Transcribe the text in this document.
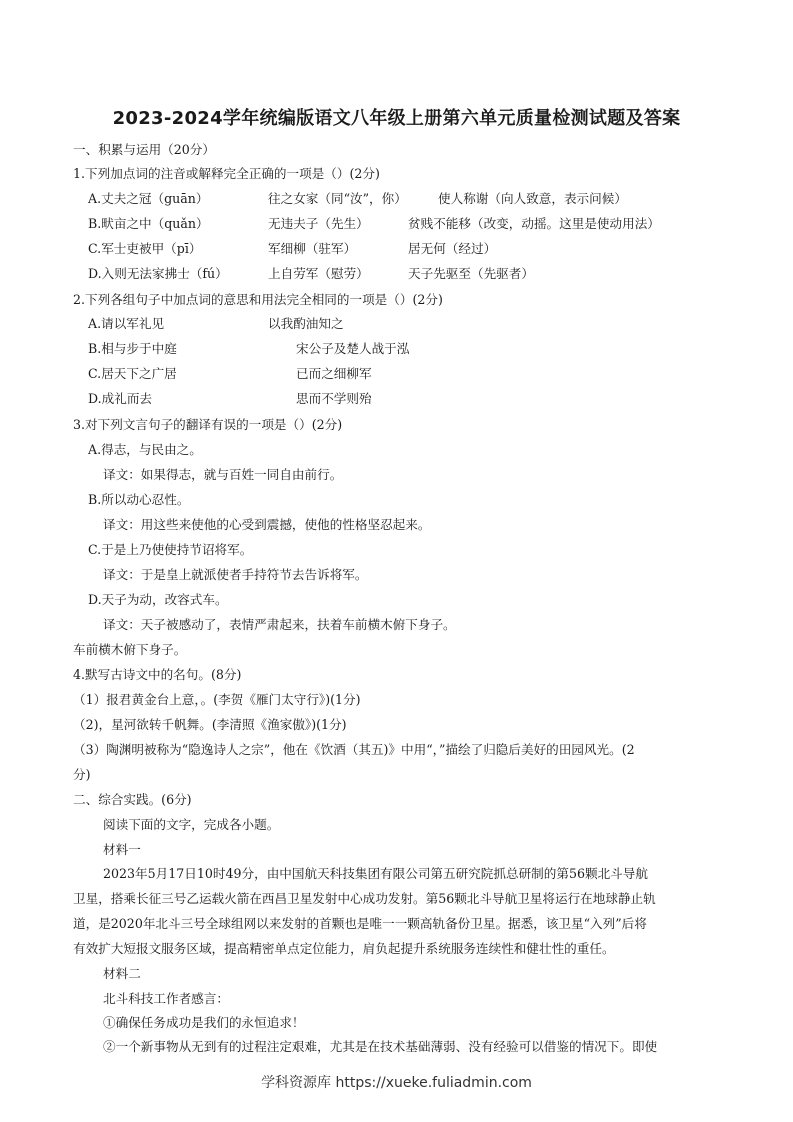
2023-2024学年统编版语文八年级上册第六单元质量检测试题及答案
一、积累与运用（20分）
1.下列加点词的注音或解释完全正确的一项是（）(2分)
A.丈夫之冠（guān）	往之女家（同“汝”，你） 使人称谢（向人致意，表示问候）
B.畎亩之中（quǎn）	无违夫子（先生）	贫贱不能移（改变，动摇。这里是使动用法）
C.军士吏被甲（pī）	军细柳（驻军）	居无何（经过）
D.入则无法家拂士（fú）	上自劳军（慰劳）	天子先驱至（先驱者）
2.下列各组句子中加点词的意思和用法完全相同的一项是（）(2分)
A.请以军礼见	以我酌油知之
B.相与步于中庭	宋公子及楚人战于泓
C.居天下之广居	已而之细柳军
D.成礼而去	思而不学则殆
3.对下列文言句子的翻译有误的一项是（）(2分)
A.得志，与民由之。
译文：如果得志，就与百姓一同自由前行。
B.所以动心忍性。
译文：用这些来使他的心受到震撼，使他的性格坚忍起来。
C.于是上乃使使持节诏将军。
译文：于是皇上就派使者手持符节去告诉将军。
D.天子为动，改容式车。
译文：天子被感动了，表情严肃起来，扶着车前横木俯下身子。
车前横木俯下身子。
4.默写古诗文中的名句。(8分)
（1）报君黄金台上意，。(李贺《雁门太守行》)(1分)
（2)，星河欲转千帆舞。(李清照《渔家傲》)(1分)
（3）陶渊明被称为“隐逸诗人之宗”，他在《饮酒（其五)》中用“，”描绘了归隐后美好的田园风光。(2
分)
二、综合实践。(6分)
阅读下面的文字，完成各小题。
材料一
2023年5月17日10时49分，由中国航天科技集团有限公司第五研究院抓总研制的第56颗北斗导航
卫星，搭乘长征三号乙运载火箭在西昌卫星发射中心成功发射。第56颗北斗导航卫星将运行在地球静止轨
道，是2020年北斗三号全球组网以来发射的首颗也是唯一一颗高轨备份卫星。据悉，该卫星“入列”后将
有效扩大短报文服务区域，提高精密单点定位能力，肩负起提升系统服务连续性和健壮性的重任。
材料二
北斗科技工作者感言：
①确保任务成功是我们的永恒追求！
②一个新事物从无到有的过程注定艰难，尤其是在技术基础薄弱、没有经验可以借鉴的情况下。即使
学科资源库 https://xueke.fuliadmin.com
